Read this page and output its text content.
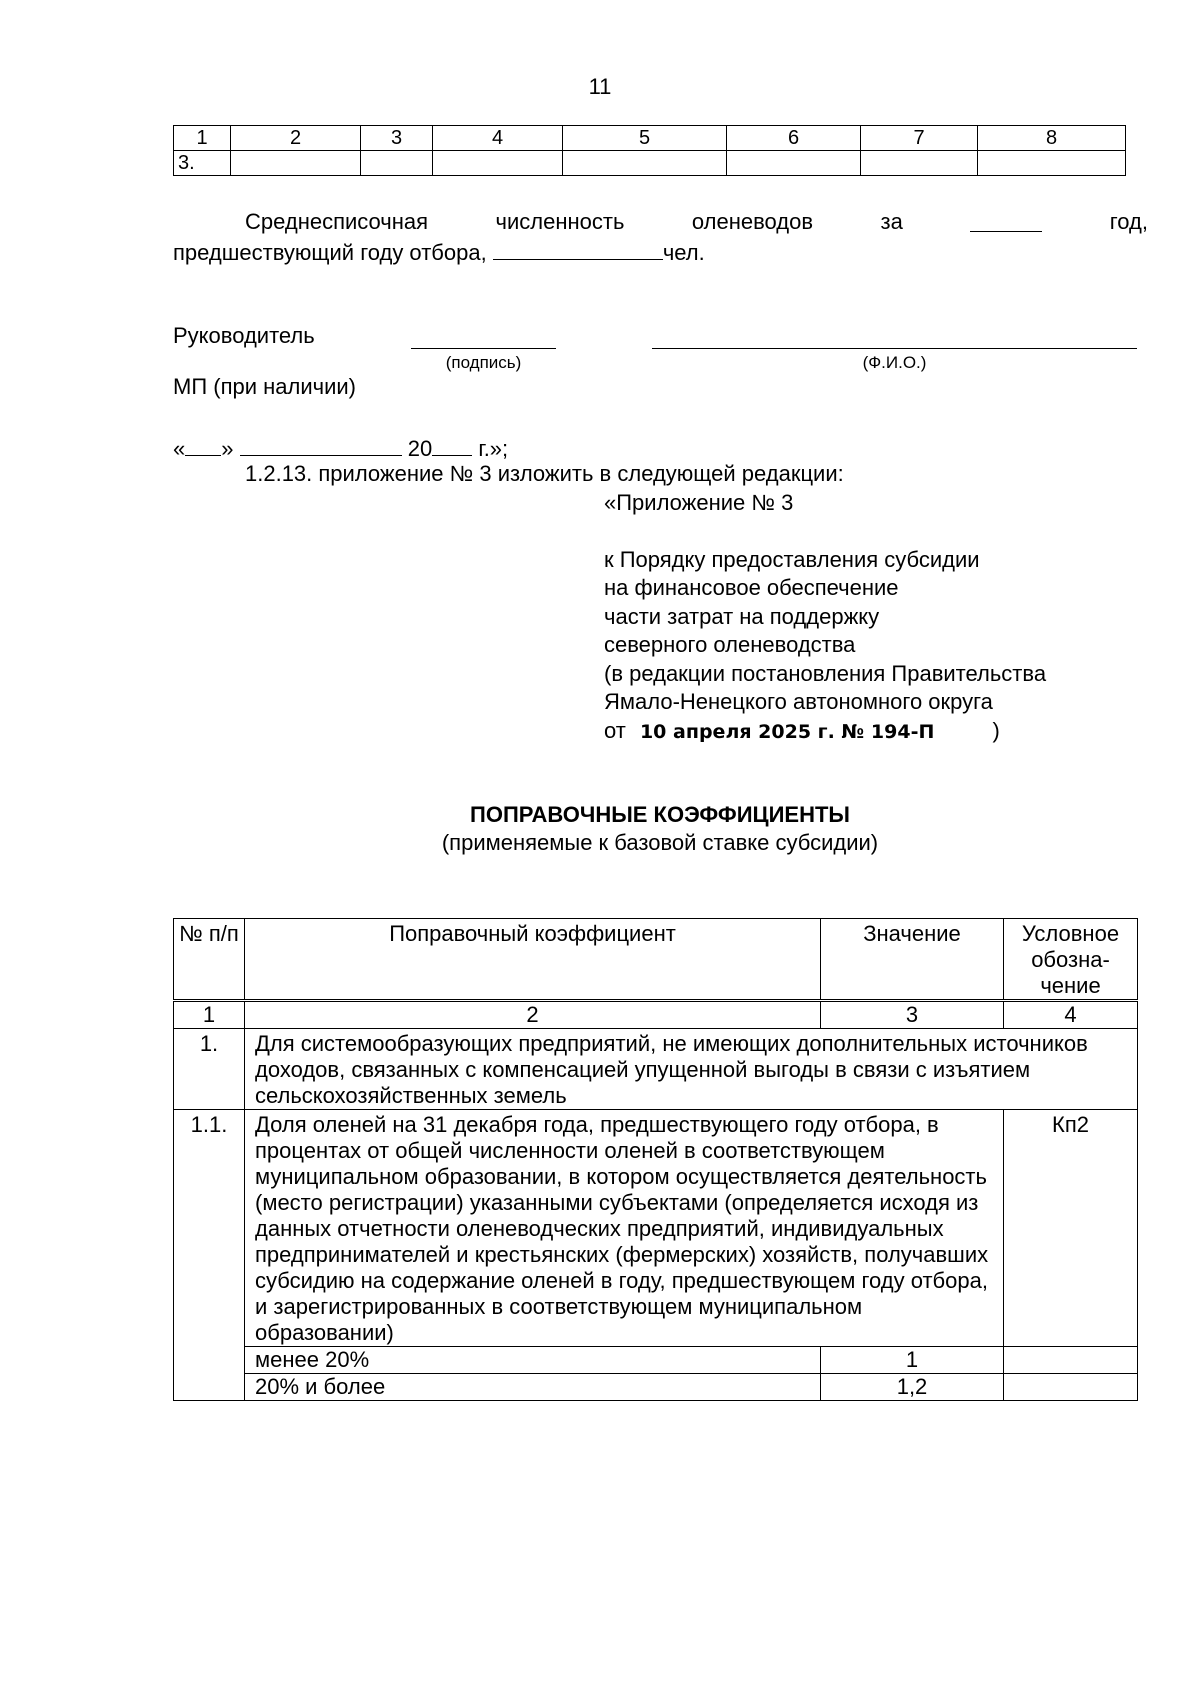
11
1	2	3	4	5	6	7	8
3.							
Среднесписочная	численность	оленеводов	за	год,
предшествующий году отбора,	чел.
Руководитель
(подпись)	(Ф.И.О.)
МП (при наличии)
« »	20 г.»;
1.2.13. приложение № 3 изложить в следующей редакции:
«Приложение № 3
к Порядку предоставления субсидии
на финансовое обеспечение
части затрат на поддержку
северного оленеводства
(в редакции постановления Правительства
Ямало-Ненецкого автономного округа
от 10 апреля 2025 г. № 194-П	)
ПОПРАВОЧНЫЕ КОЭФФИЦИЕНТЫ
(применяемые к базовой ставке субсидии)
№ п/п	Поправочный коэффициент	Значение	Условное обозна-чение
1	2	3	4
1.	Для системообразующих предприятий, не имеющих дополнительных источников доходов, связанных с компенсацией упущенной выгоды в связи с изъятием сельскохозяйственных земель		
1.1.	Доля оленей на 31 декабря года, предшествующего году отбора, в процентах от общей численности оленей в соответствующем муниципальном образовании, в котором осуществляется деятельность (место регистрации) указанными субъектами (определяется исходя из данных отчетности оленеводческих предприятий, индивидуальных предпринимателей и крестьянских (фермерских) хозяйств, получавших субсидию на содержание оленей в году, предшествующем году отбора, и зарегистрированных в соответствующем муниципальном образовании)		Кп2
	менее 20%	1	
	20% и более	1,2	
